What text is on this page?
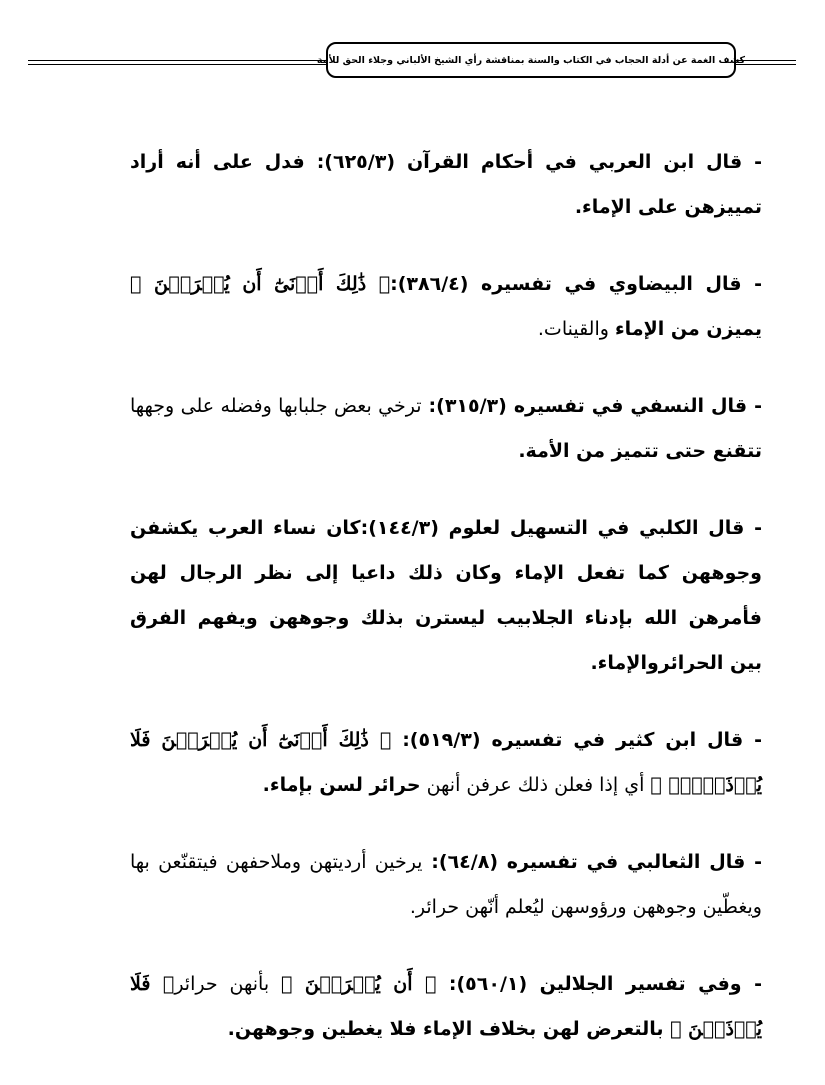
كشف الغمة عن أدلة الحجاب في الكتاب والسنة بمناقشة رأي الشيخ الألباني وجلاء الحق للأمة

- قال ابن العربي في أحكام القرآن (٦٢٥/٣): فدل على أنه أراد تمييزهن على الإماء.

- قال البيضاوي في تفسيره (٣٨٦/٤):﴿ ذَٰلِكَ أَدۡنَىٰٓ أَن يُعۡرَفۡنَ ﴾ يميزن من الإماء والقينات.

- قال النسفي في تفسيره (٣١٥/٣): ترخي بعض جلبابها وفضله على وجهها تتقنع حتى تتميز من الأمة.

- قال الكلبي في التسهيل لعلوم (١٤٤/٣):كان نساء العرب يكشفن وجوههن كما تفعل الإماء وكان ذلك داعيا إلى نظر الرجال لهن فأمرهن الله بإدناء الجلابيب ليسترن بذلك وجوههن ويفهم الفرق بين الحرائروالإماء.

- قال ابن كثير في تفسيره (٥١٩/٣): ﴿ ذَٰلِكَ أَدۡنَىٰٓ أَن يُعۡرَفۡنَ فَلَا يُؤۡذَيۡنَۗ ﴾ أي إذا فعلن ذلك عرفن أنهن حرائر لسن بإماء.

- قال الثعالبي في تفسيره (٦٤/٨): يرخين أرديتهن وملاحفهن فيتقنّعن بها ويغطّين وجوههن ورؤوسهن ليُعلم أنّهن حرائر.

- وفي تفسير الجلالين (٥٦٠/١): ﴿ أَن يُعۡرَفۡنَ ﴾ بأنهن حرائر﴿ فَلَا يُؤۡذَيۡنَ ﴾ بالتعرض لهن بخلاف الإماء فلا يغطين وجوههن.
